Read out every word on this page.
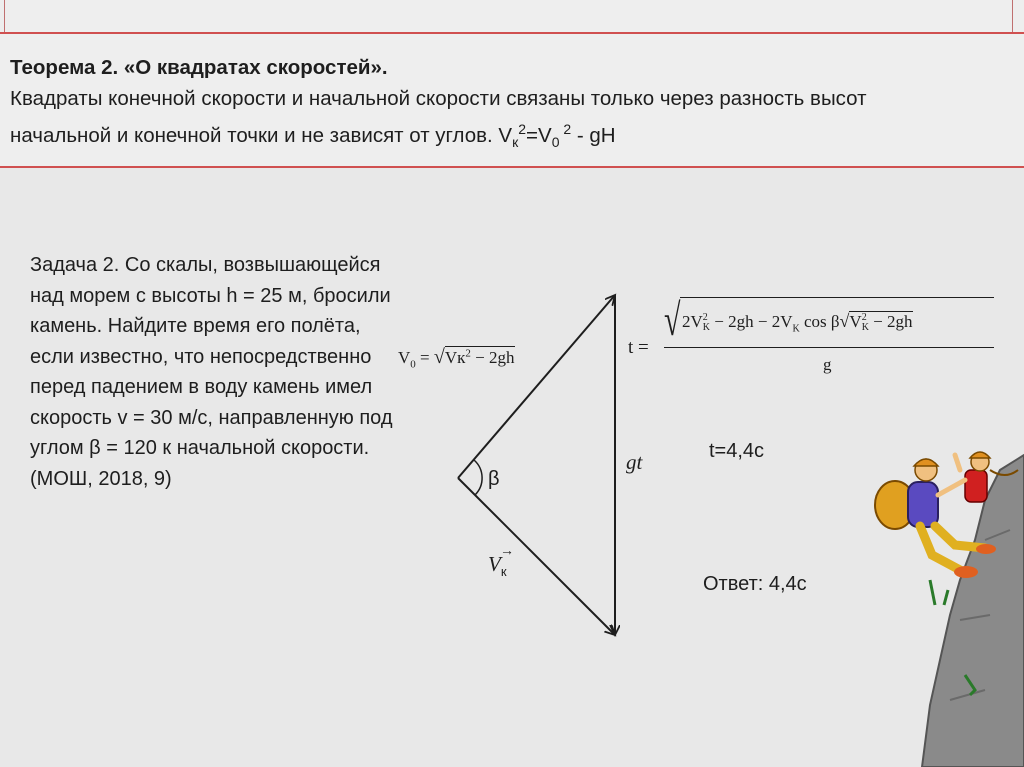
Теорема 2. «О квадратах скоростей».
Квадраты конечной скорости и начальной скорости связаны только через разность высот
начальной и конечной точки и не зависят от углов. $V_к^2=V_0$ $^2$ - gH
Задача 2. Со скалы, возвышающейся над морем с высоты h = 25 м, бросили камень. Найдите время его полёта, если известно, что непосредственно перед падением в воду камень имел скорость v = 30 м/с, направленную под углом β = 120 к начальной скорости. (МОШ, 2018, 9)
$V_0 = √Vк^2 - 2gh$	t =
√ 2V 2
$K - 2gh - 2V_K$ cos β√V 2
K − 2gh
g
β
gt
V
→
$_к$
t=4,4с
Ответ: 4,4с
